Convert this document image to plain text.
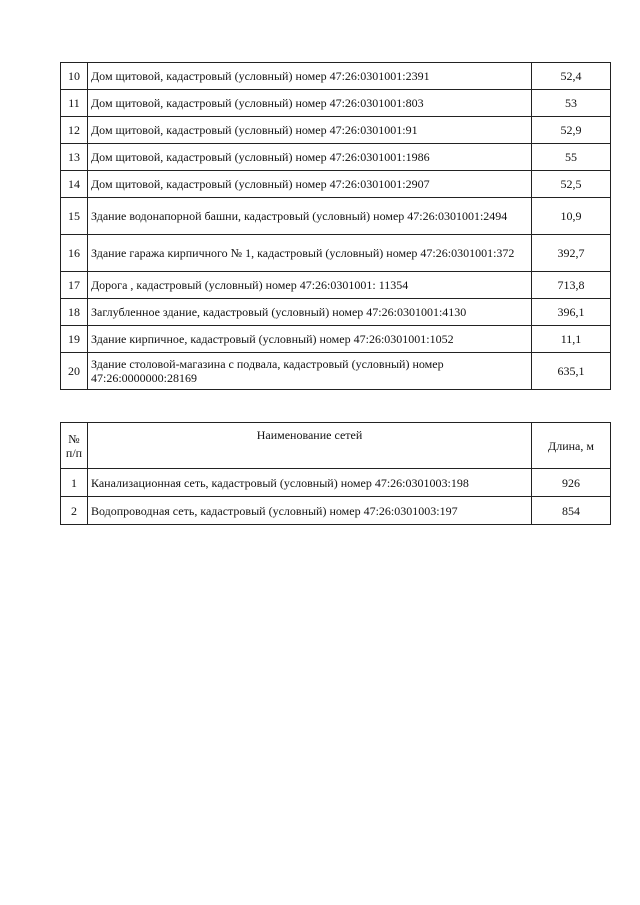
10	Дом щитовой, кадастровый (условный) номер 47:26:0301001:2391	52,4
11	Дом щитовой, кадастровый (условный) номер 47:26:0301001:803	53
12	Дом щитовой, кадастровый (условный) номер 47:26:0301001:91	52,9
13	Дом щитовой, кадастровый (условный) номер 47:26:0301001:1986	55
14	Дом щитовой, кадастровый (условный) номер 47:26:0301001:2907	52,5
15	Здание водонапорной башни, кадастровый (условный) номер 47:26:0301001:2494	10,9
16	Здание гаража кирпичного № 1, кадастровый (условный) номер 47:26:0301001:372	392,7
17	Дорога , кадастровый (условный) номер 47:26:0301001: 11354	713,8
18	Заглубленное здание, кадастровый (условный) номер 47:26:0301001:4130	396,1
19	Здание кирпичное, кадастровый (условный) номер 47:26:0301001:1052	11,1
20	Здание столовой-магазина с подвала, кадастровый (условный) номер 47:26:0000000:28169	635,1
№ п/п	Наименование сетей	Длина, м
1	Канализационная сеть, кадастровый (условный) номер 47:26:0301003:198	926
2	Водопроводная сеть, кадастровый (условный) номер 47:26:0301003:197	854
